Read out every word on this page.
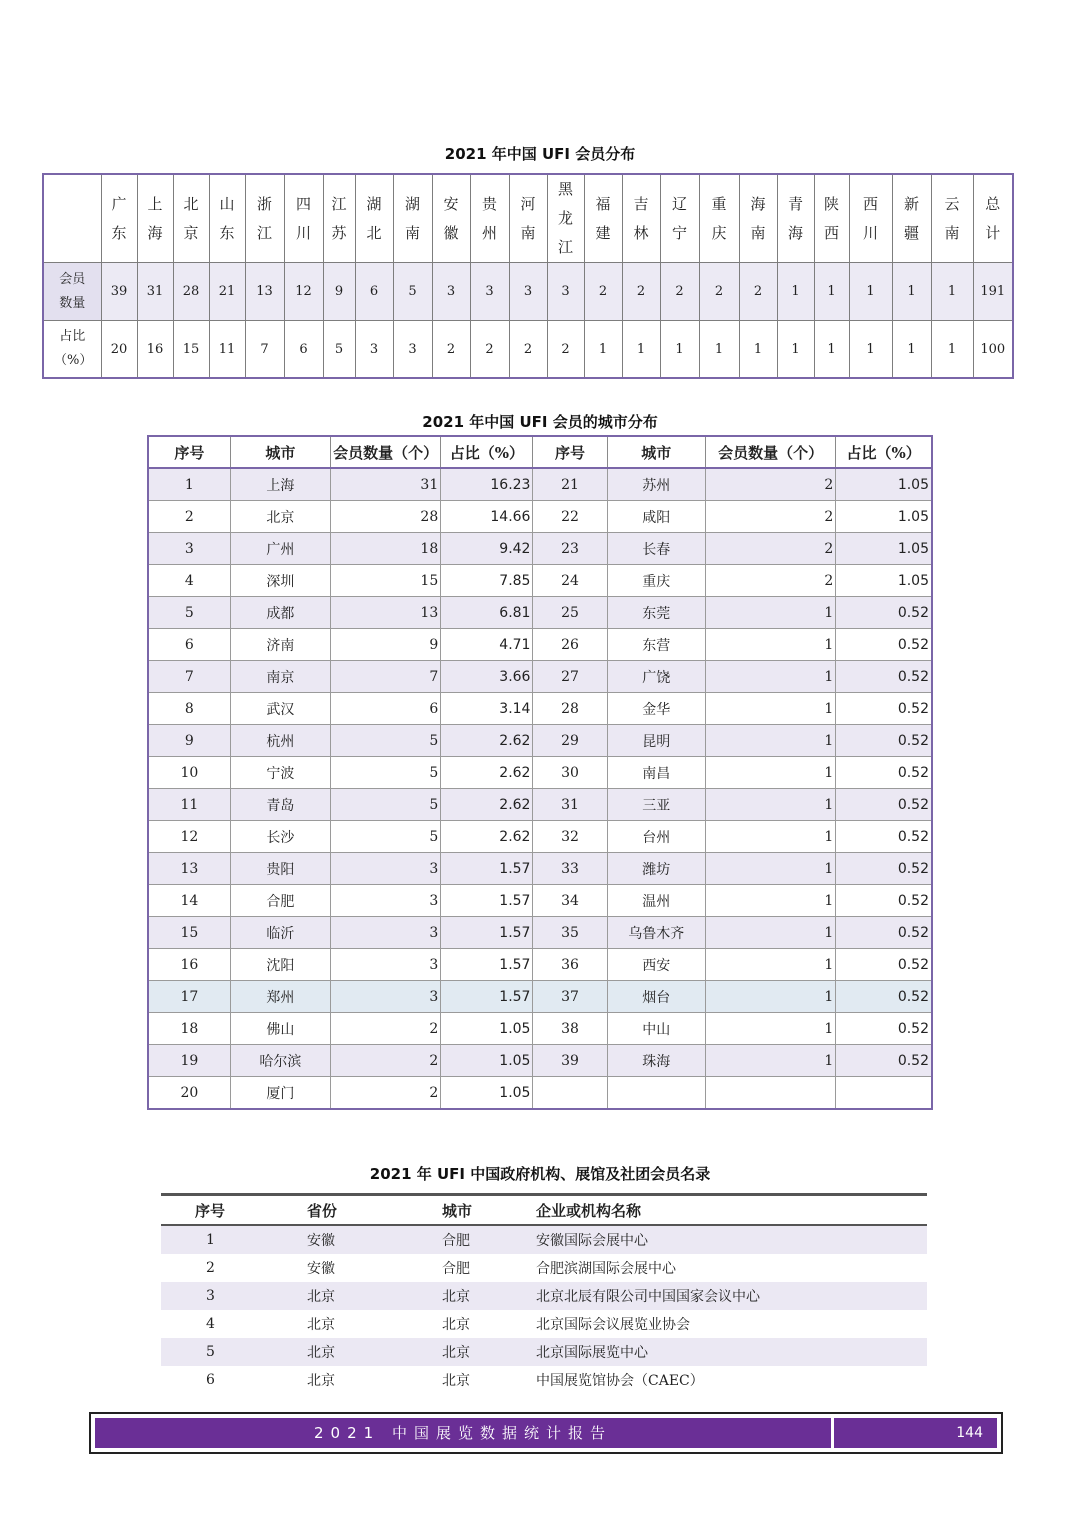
2021 年中国 UFI 会员分布
	广东	上海	北京	山东	浙江	四川	江苏	湖北	湖南	安徽	贵州	河南	黑龙江	福建	吉林	辽宁	重庆	海南	青海	陕西	西川	新疆	云南	总计
会员数量	39	31	28	21	13	12	9	6	5	3	3	3	3	2	2	2	2	2	1	1	1	1	1	191
占比（%）	20	16	15	11	7	6	5	3	3	2	2	2	2	1	1	1	1	1	1	1	1	1	1	100
2021 年中国 UFI 会员的城市分布
序号	城市	会员数量（个）	占比（%）	序号	城市	会员数量（个）	占比（%）
1	上海	31	16.23	21	苏州	2	1.05
2	北京	28	14.66	22	咸阳	2	1.05
3	广州	18	9.42	23	长春	2	1.05
4	深圳	15	7.85	24	重庆	2	1.05
5	成都	13	6.81	25	东莞	1	0.52
6	济南	9	4.71	26	东营	1	0.52
7	南京	7	3.66	27	广饶	1	0.52
8	武汉	6	3.14	28	金华	1	0.52
9	杭州	5	2.62	29	昆明	1	0.52
10	宁波	5	2.62	30	南昌	1	0.52
11	青岛	5	2.62	31	三亚	1	0.52
12	长沙	5	2.62	32	台州	1	0.52
13	贵阳	3	1.57	33	潍坊	1	0.52
14	合肥	3	1.57	34	温州	1	0.52
15	临沂	3	1.57	35	乌鲁木齐	1	0.52
16	沈阳	3	1.57	36	西安	1	0.52
17	郑州	3	1.57	37	烟台	1	0.52
18	佛山	2	1.05	38	中山	1	0.52
19	哈尔滨	2	1.05	39	珠海	1	0.52
20	厦门	2	1.05				
2021 年 UFI 中国政府机构、展馆及社团会员名录
序号	省份	城市	企业或机构名称
1	安徽	合肥	安徽国际会展中心
2	安徽	合肥	合肥滨湖国际会展中心
3	北京	北京	北京北辰有限公司中国国家会议中心
4	北京	北京	北京国际会议展览业协会
5	北京	北京	北京国际展览中心
6	北京	北京	中国展览馆协会（CAEC）
2021 中国展览数据统计报告	144
